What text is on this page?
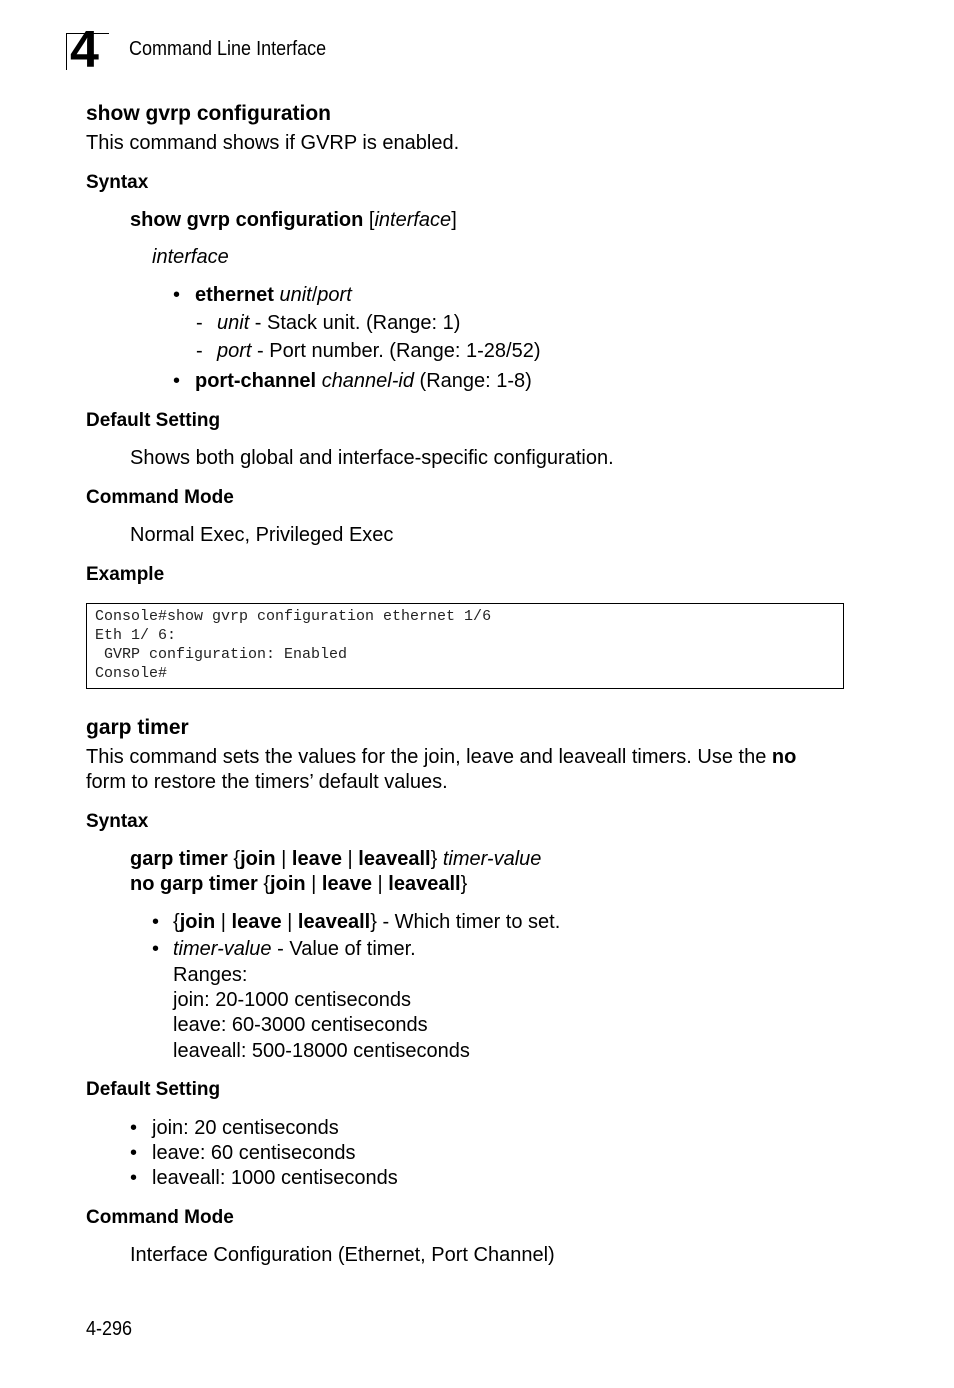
4 Command Line Interface
show gvrp configuration
This command shows if GVRP is enabled.
Syntax
show gvrp configuration [interface]
interface
• ethernet unit/port
- unit - Stack unit. (Range: 1)
- port - Port number. (Range: 1-28/52)
• port-channel channel-id (Range: 1-8)
Default Setting
Shows both global and interface-specific configuration.
Command Mode
Normal Exec, Privileged Exec
Example
Console#show gvrp configuration ethernet 1/6
Eth 1/ 6:
GVRP configuration: Enabled
Console#
garp timer
This command sets the values for the join, leave and leaveall timers. Use the no
form to restore the timers’ default values.
Syntax
garp timer {join | leave | leaveall} timer-value
no garp timer {join | leave | leaveall}
• {join | leave | leaveall} - Which timer to set.
• timer-value - Value of timer.
Ranges:
join: 20-1000 centiseconds
leave: 60-3000 centiseconds
leaveall: 500-18000 centiseconds
Default Setting
• join: 20 centiseconds
• leave: 60 centiseconds
• leaveall: 1000 centiseconds
Command Mode
Interface Configuration (Ethernet, Port Channel)
4-296
